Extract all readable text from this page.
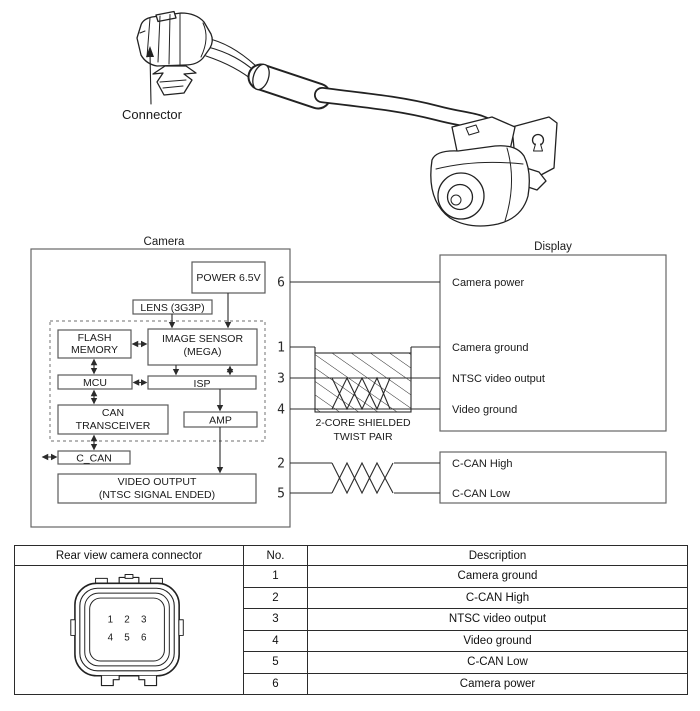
Connector
Camera	Display
POWER 6.5V
LENS (3G3P)
FLASH
MEMORY
IMAGE SENSOR
(MEGA)
MCU	ISP
CAN
TRANSCEIVER	AMP
C_CAN
VIDEO OUTPUT
(NTSC SIGNAL ENDED)
2-CORE SHIELDED
TWIST PAIR
6
1
3
4
2
5
Camera power
Camera ground
NTSC video output
Video ground
C-CAN High
C-CAN Low
Rear view camera connector	No.	Description

1 2 3
4 5 6
	1	Camera ground
	2	C-CAN High
	3	NTSC video output
	4	Video ground
	5	C-CAN Low
	6	Camera power
